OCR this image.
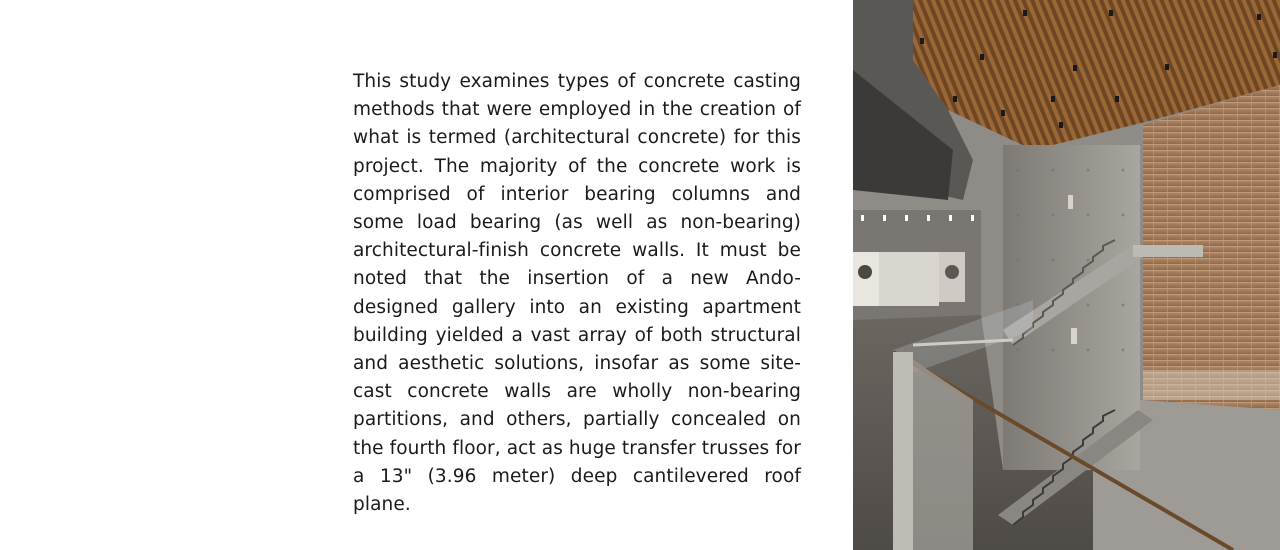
This study examines types of concrete casting methods that were employed in the creation of what is termed (architectural concrete) for this project. The majority of the concrete work is comprised of interior bearing columns and some load bearing (as well as non-bearing) architectural-finish concrete walls. It must be noted that the insertion of a new Ando-designed gallery into an existing apartment building yielded a vast array of both structural and aesthetic solutions, insofar as some site-cast concrete walls are wholly non-bearing partitions, and others, partially concealed on the fourth floor, act as huge transfer trusses for a 13" (3.96 meter) deep cantilevered roof plane.
